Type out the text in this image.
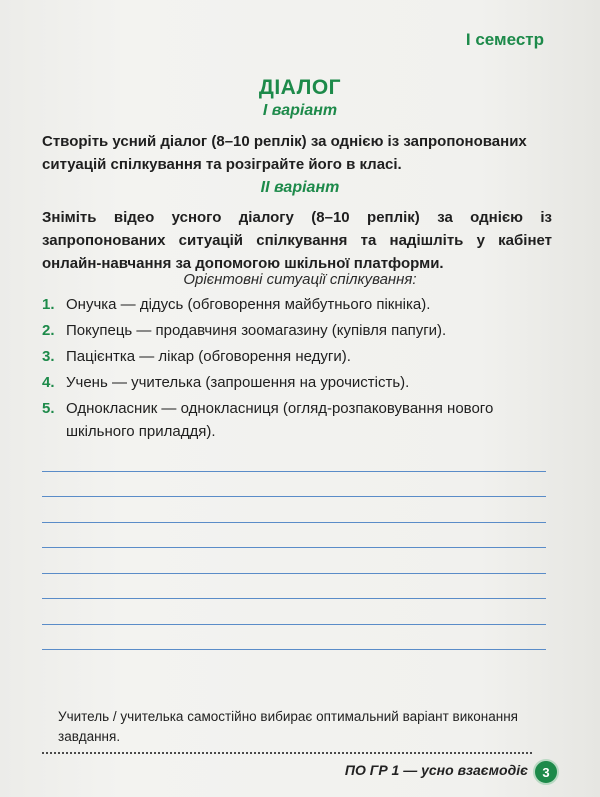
I семестр
ДІАЛОГ
І варіант
Створіть усний діалог (8–10 реплік) за однією із запропонованих ситуацій спілкування та розіграйте його в класі.
ІІ варіант
Зніміть відео усного діалогу (8–10 реплік) за однією із запропонованих ситуацій спілкування та надішліть у кабінет онлайн-навчання за допомогою шкільної платформи.
Орієнтовні ситуації спілкування:
1. Онучка — дідусь (обговорення майбутнього пікніка).
2. Покупець — продавчиня зоомагазину (купівля папуги).
3. Пацієнтка — лікар (обговорення недуги).
4. Учень — учителька (запрошення на урочистість).
5. Однокласник — однокласниця (огляд-розпаковування нового шкільного приладдя).
Учитель / учителька самостійно вибирає оптимальний варіант виконання завдання.
ПО ГР 1 — усно взаємодіє	3
